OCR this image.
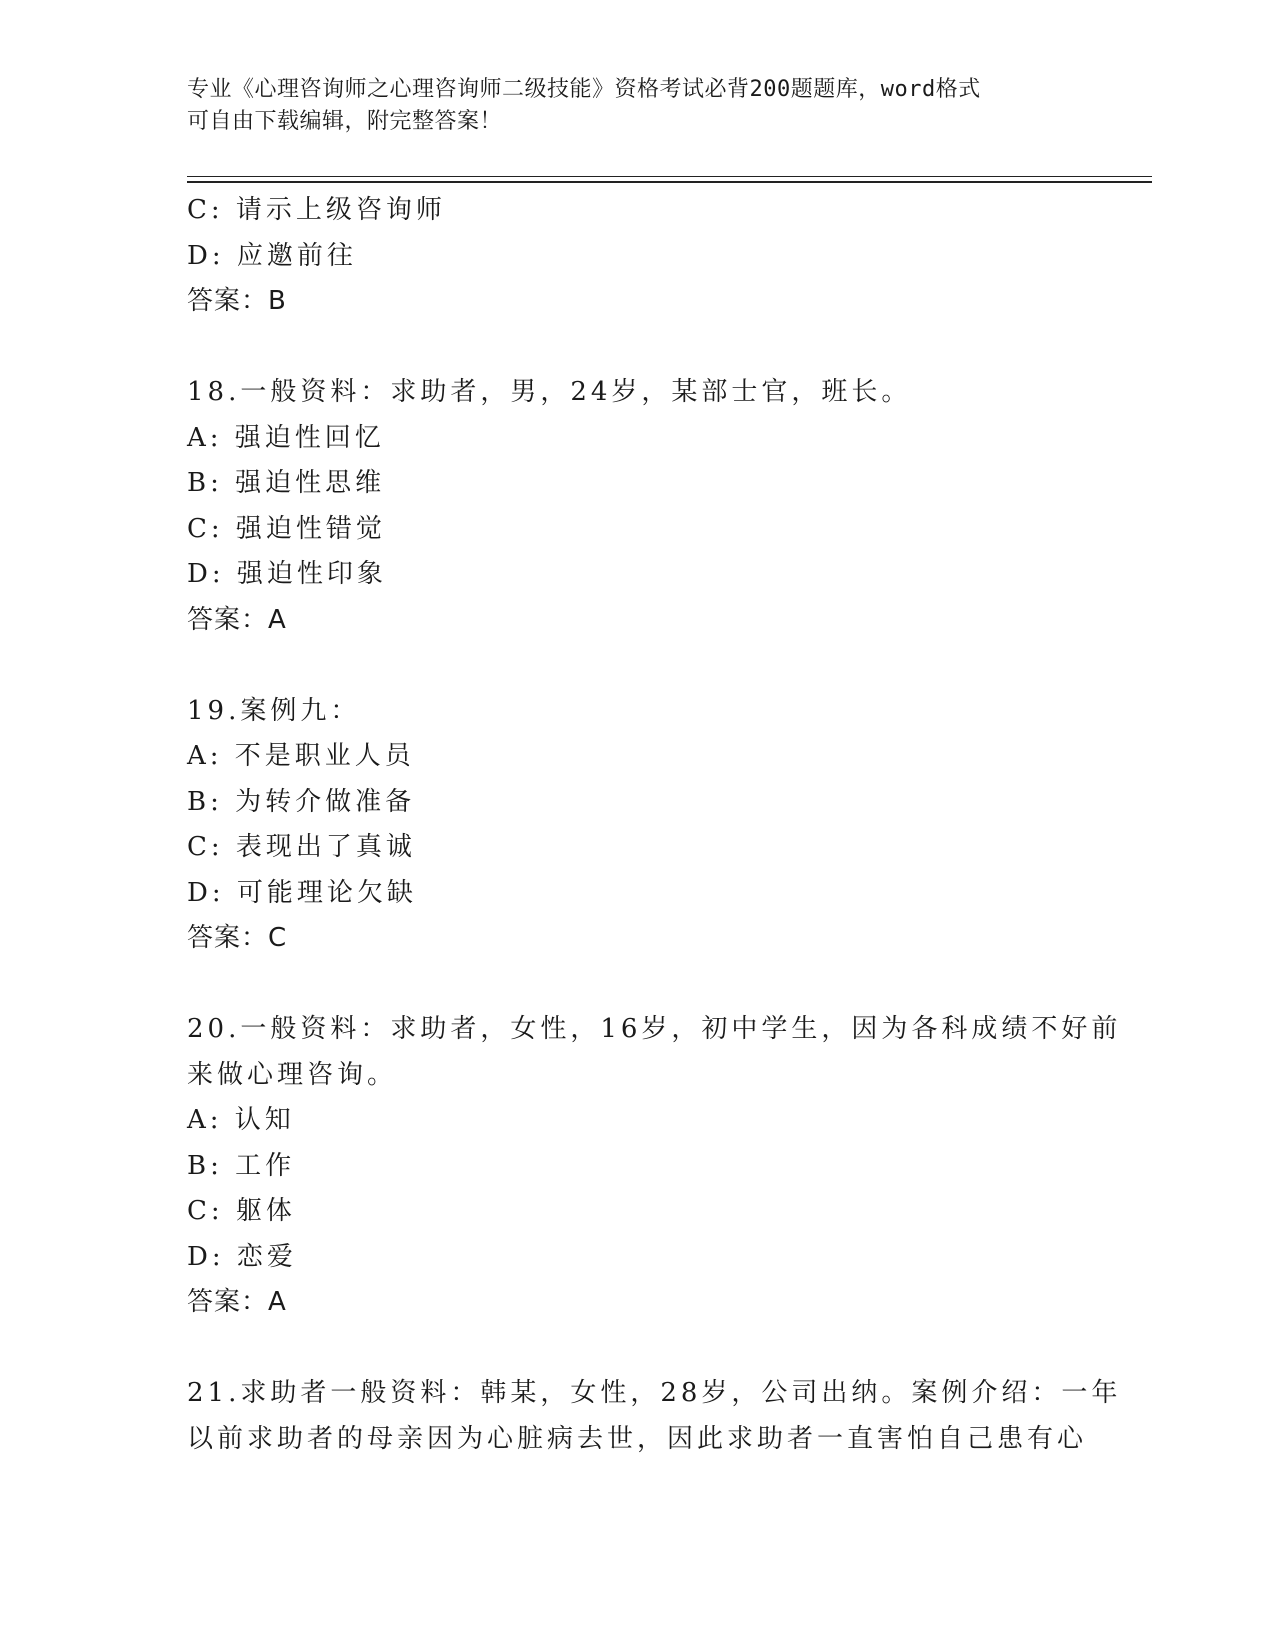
专业《心理咨询师之心理咨询师二级技能》资格考试必背200题题库，word格式
可自由下载编辑，附完整答案！
C: 请示上级咨询师
D: 应邀前往
答案：B
18.一般资料：求助者，男，24岁，某部士官，班长。
A: 强迫性回忆
B: 强迫性思维
C: 强迫性错觉
D: 强迫性印象
答案：A
19.案例九：
A: 不是职业人员
B: 为转介做准备
C: 表现出了真诚
D: 可能理论欠缺
答案：C
20.一般资料：求助者，女性，16岁，初中学生，因为各科成绩不好前
来做心理咨询。
A: 认知
B: 工作
C: 躯体
D: 恋爱
答案：A
21.求助者一般资料：韩某，女性，28岁，公司出纳。案例介绍：一年
以前求助者的母亲因为心脏病去世，因此求助者一直害怕自己患有心
